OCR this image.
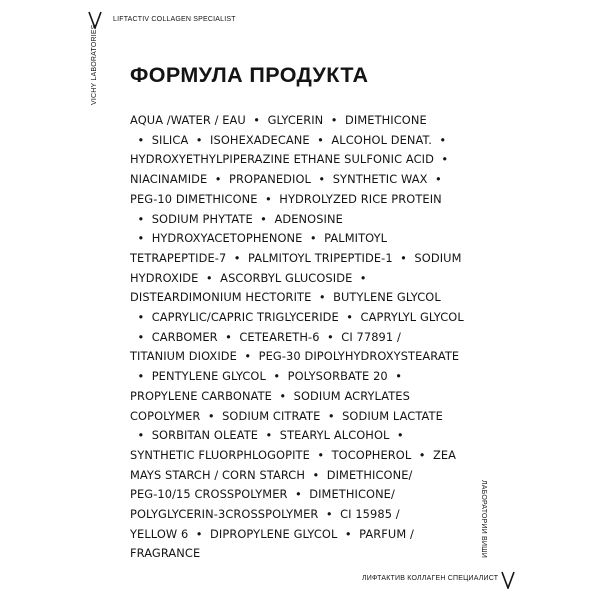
LIFTACTIV COLLAGEN SPECIALIST
VICHY LABORATORIES ФОРМУЛА ПРОДУКТА
AQUA /WATER / EAU  •  GLYCERIN  •  DIMETHICONE
•  SILICA  •  ISOHEXADECANE  •  ALCOHOL DENAT.  •
HYDROXYETHYLPIPERAZINE ETHANE SULFONIC ACID  •
NIACINAMIDE  •  PROPANEDIOL  •  SYNTHETIC WAX  •
PEG-10 DIMETHICONE  •  HYDROLYZED RICE PROTEIN
•  SODIUM PHYTATE  •  ADENOSINE
•  HYDROXYACETOPHENONE  •  PALMITOYL
TETRAPEPTIDE-7  •  PALMITOYL TRIPEPTIDE-1  •  SODIUM
HYDROXIDE  •  ASCORBYL GLUCOSIDE  •
DISTEARDIMONIUM HECTORITE  •  BUTYLENE GLYCOL
•  CAPRYLIC/CAPRIC TRIGLYCERIDE  •  CAPRYLYL GLYCOL
•  CARBOMER  •  CETEARETH-6  •  CI 77891 /
TITANIUM DIOXIDE  •  PEG-30 DIPOLYHYDROXYSTEARATE
•  PENTYLENE GLYCOL  •  POLYSORBATE 20  •
PROPYLENE CARBONATE  •  SODIUM ACRYLATES
COPOLYMER  •  SODIUM CITRATE  •  SODIUM LACTATE
•  SORBITAN OLEATE  •  STEARYL ALCOHOL  •
SYNTHETIC FLUORPHLOGOPITE  •  TOCOPHEROL  •  ZEA
MAYS STARCH / CORN STARCH  •  DIMETHICONE/
PEG-10/15 CROSSPOLYMER  •  DIMETHICONE/
POLYGLYCERIN-3CROSSPOLYMER  •  CI 15985 /
YELLOW 6  •  DIPROPYLENE GLYCOL  •  PARFUM /
FRAGRANCE	ЛАБОРАТОРИИ ВИШИ
ЛИФТАКТИВ КОЛЛАГЕН СПЕЦИАЛИСТ
